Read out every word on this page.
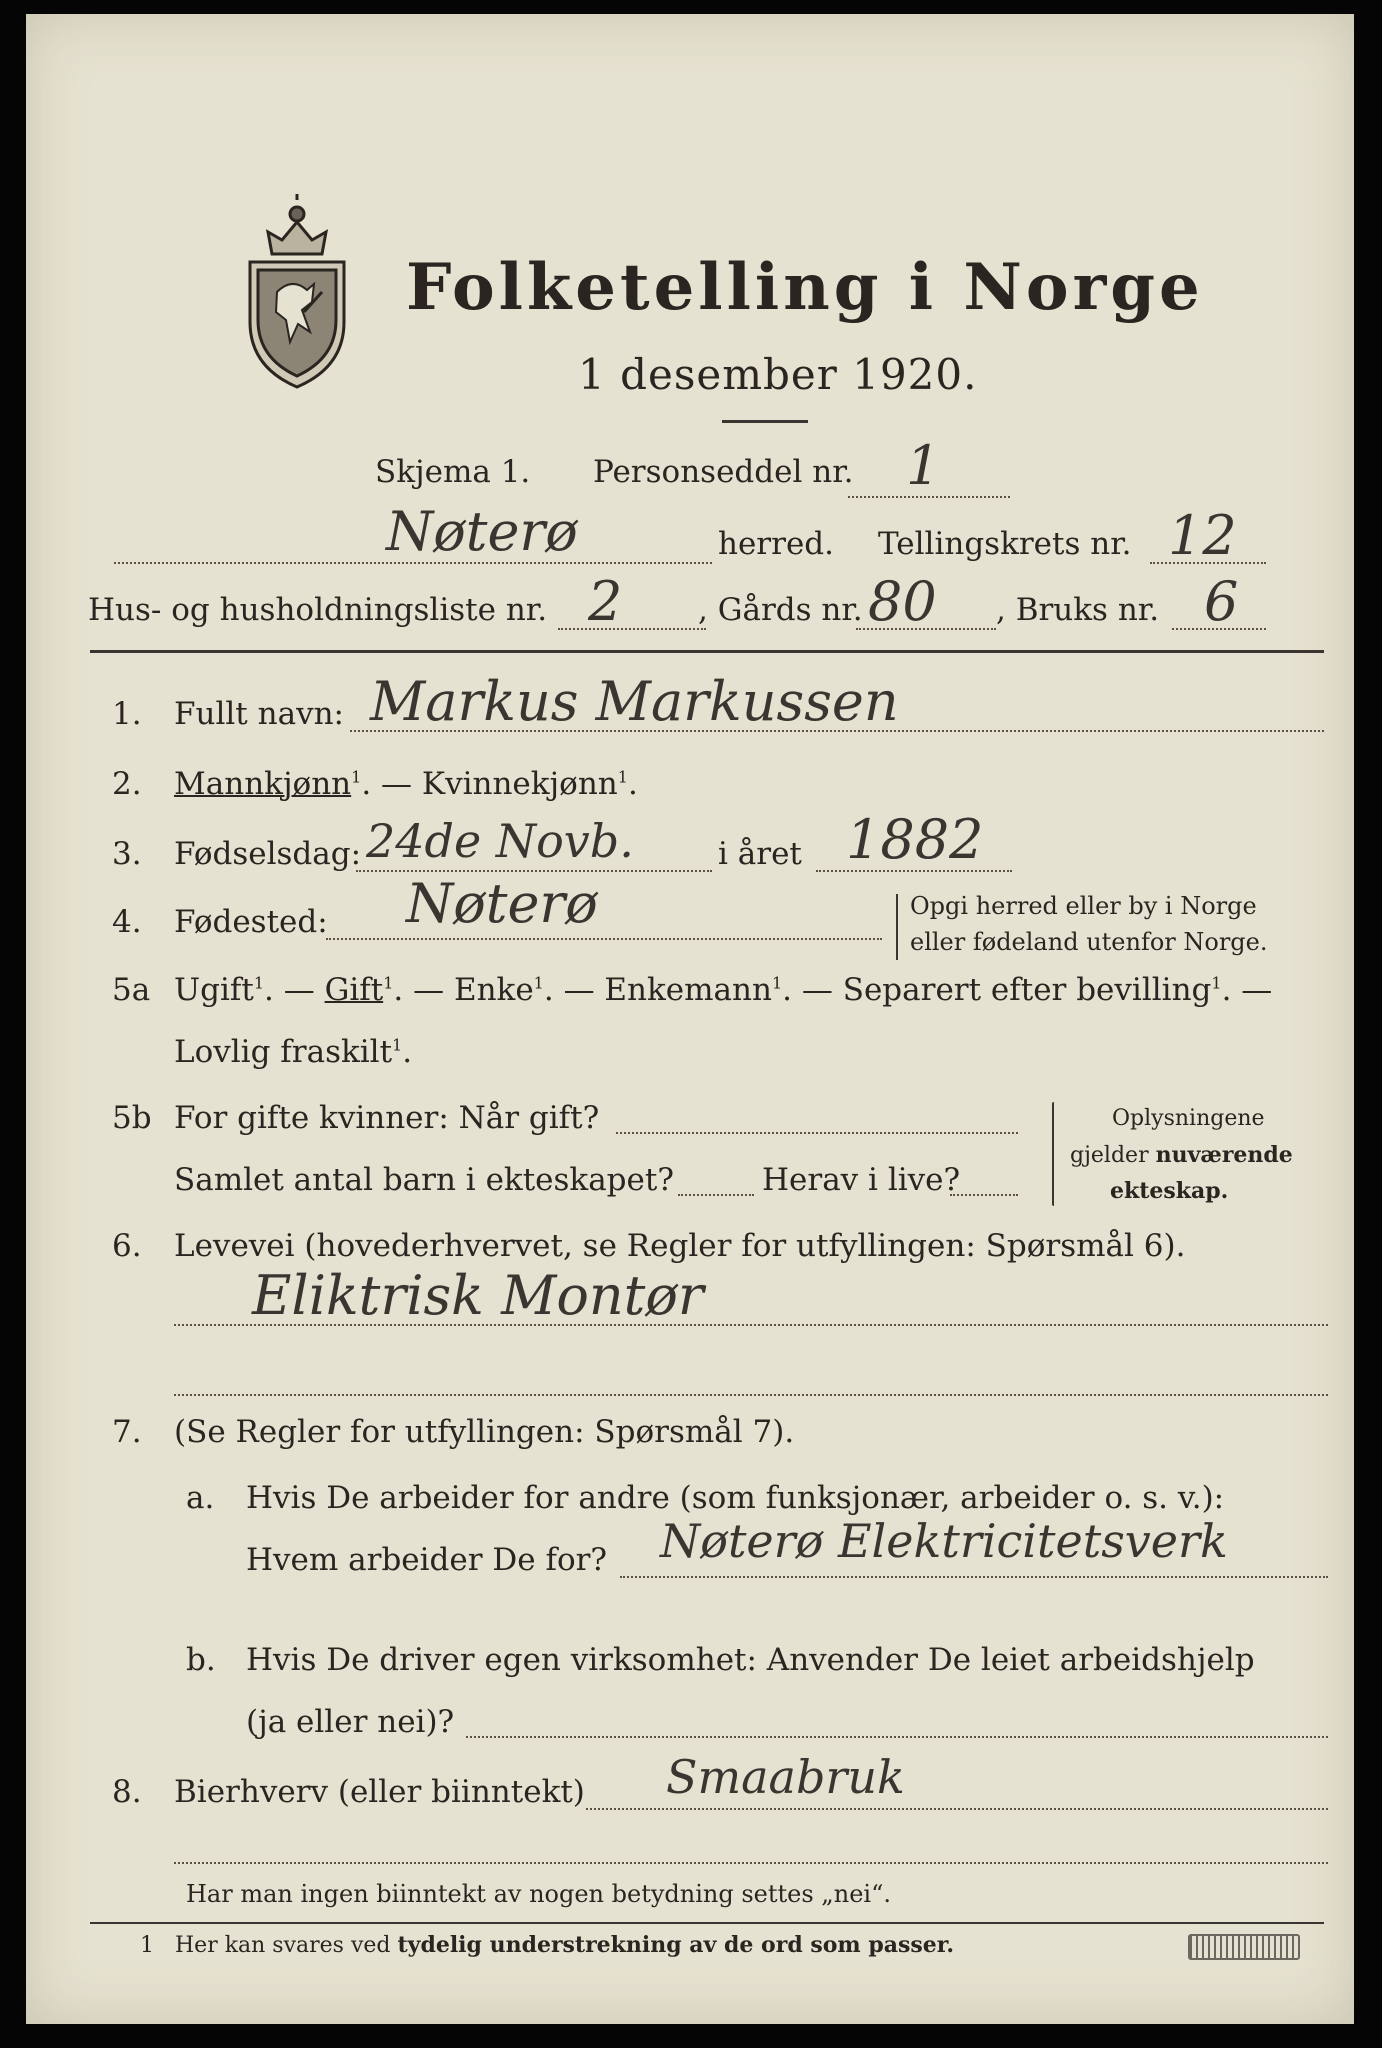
Folketelling i Norge
1 desember 1920.
Skjema 1. Personseddel nr. 1
Nøterø	herred. Tellingskrets nr. 12
Hus- og husholdningsliste nr. 2 , Gårds nr. 80 , Bruks nr. 6
1. Fullt navn: Markus Markussen
2. Mannkjønn$^1$. — Kvinnekjønn$^1$.
3. Fødselsdag: 24de Novb.	i året 1882
4. Fødested: Nøterø	Opgi herred eller by i Norge
eller fødeland utenfor Norge.
5a Ugift$^1$. — Gift$^1$. — Enke$^1$. — Enkemann$^1$. — Separert efter bevilling$^1$. —
Lovlig fraskilt$^1$.
5b For gifte kvinner: Når gift?
Samlet antal barn i ekteskapet?	Herav i live?
Oplysningene
gjelder nuværende
ekteskap.
6. Levevei (hovederhvervet, se Regler for utfyllingen: Spørsmål 6).
Eliktrisk Montør
7. (Se Regler for utfyllingen: Spørsmål 7).
a. Hvis De arbeider for andre (som funksjonær, arbeider o. s. v.):
Hvem arbeider De for? Nøterø Elektricitetsverk
b. Hvis De driver egen virksomhet: Anvender De leiet arbeidshjelp
(ja eller nei)?
8. Bierhverv (eller biinntekt) Smaabruk
Har man ingen biinntekt av nogen betydning settes „nei“.
1 Her kan svares ved tydelig understrekning av de ord som passer.
